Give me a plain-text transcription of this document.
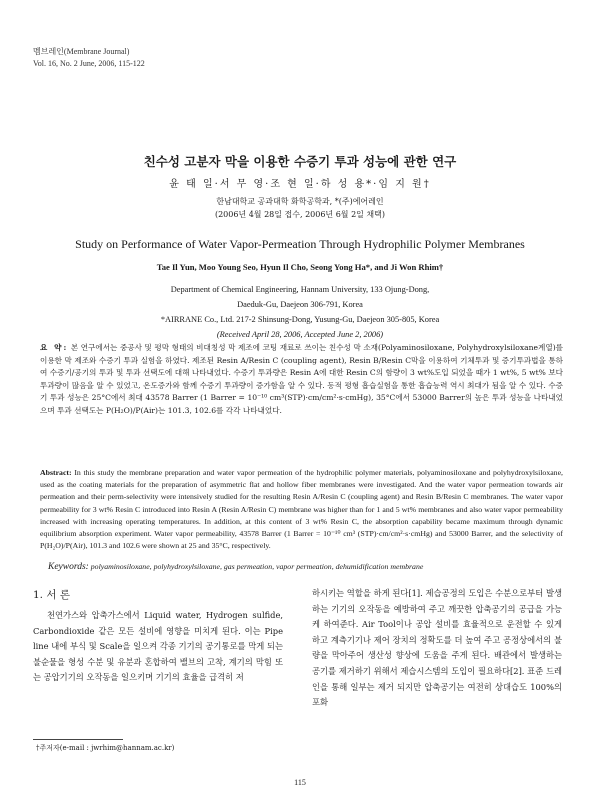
멤브레인(Membrane Journal)
Vol. 16, No. 2 June, 2006, 115-122
친수성 고분자 막을 이용한 수증기 투과 성능에 관한 연구
윤 태 일·서 무 영·조 현 일·하 성 용*·임 지 원†
한남대학교 공과대학 화학공학과, *(주)에어레인
(2006년 4월 28일 접수, 2006년 6월 2일 채택)
Study on Performance of Water Vapor-Permeation Through Hydrophilic Polymer Membranes
Tae Il Yun, Moo Young Seo, Hyun Il Cho, Seong Yong Ha*, and Ji Won Rhim†
Department of Chemical Engineering, Hannam University, 133 Ojung-Dong,
Daeduk-Gu, Daejeon 306-791, Korea
*AIRRANE Co., Ltd. 217-2 Shinsung-Dong, Yusung-Gu, Daejeon 305-805, Korea
(Received April 28, 2006, Accepted June 2, 2006)
요 약: 본 연구에서는 중공사 및 평막 형태의 비대칭성 막 제조에 코팅 재료로 쓰이는 친수성 막 소재(Polyaminosiloxane, Polyhydroxylsiloxane계열)를 이용한 막 제조와 수증기 투과 실험을 하였다. 제조된 Resin A/Resin C (coupling agent), Resin B/Resin C막을 이용하여 기체투과 및 증기투과법을 통하여 수증기/공기의 투과 및 투과 선택도에 대해 나타내었다. 수증기 투과량은 Resin A에 대한 Resin C의 함량이 3 wt%도입 되었을 때가 1 wt%, 5 wt% 보다 투과량이 많음을 알 수 있었고, 온도증가와 함께 수증기 투과량이 증가함을 알 수 있다. 동적 평형 흡습실험을 통한 흡습능력 역시 최대가 됨을 알 수 있다. 수증기 투과 성능은 25°C에서 최대 43578 Barrer (1 Barrer = 10⁻¹⁰ cm³(STP)·cm/cm²·s·cmHg), 35°C에서 53000 Barrer의 높은 투과 성능을 나타내었으며 투과 선택도는 P(H₂O)/P(Air)는 101.3, 102.6를 각각 나타내었다.
Abstract: In this study the membrane preparation and water vapor permeation of the hydrophilic polymer materials, polyaminosiloxane and polyhydroxylsiloxane, used as the coating materials for the preparation of asymmetric flat and hollow fiber membranes were investigated. And the water vapor permeation towards air permeation and their perm-selectivity were intensively studied for the resulting Resin A/Resin C (coupling agent) and Resin B/Resin C membranes. The water vapor permeability for 3 wt% Resin C introduced into Resin A (Resin A/Resin C) membrane was higher than for 1 and 5 wt% membranes and also water vapor permeability increased with increasing operating temperatures. In addition, at this content of 3 wt% Resin C, the absorption capability became maximum through dynamic equilibrium absorption experiment. Water vapor permeability, 43578 Barrer (1 Barrer = 10⁻¹⁰ cm³ (STP)·cm/cm²·s·cmHg) and 53000 Barrer, and the selectivity of P(H₂O)/P(Air), 101.3 and 102.6 were shown at 25 and 35°C, respectively.
Keywords: polyaminosiloxane, polyhydroxylsiloxane, gas permeation, vapor permeation, dehumidification membrane
1. 서 론

천연가스와 압축가스에서 Liquid water, Hydrogen sulfide, Carbondioxide 같은 모든 설비에 영향을 미치게 된다. 이는 Pipe line 내에 부식 및 Scale을 일으켜 각종 기기의 공기통로를 막게 되는 불순물을 형성 수분 및 유분과 혼합하여 밸브의 고착, 계기의 막힘 또는 공압기기의 오작동을 일으키며 기기의 효율을 급격히 저

하시키는 역할을 하게 된다[1]. 제습공정의 도입은 수분으로부터 발생하는 기기의 오작동을 예방하여 주고 깨끗한 압축공기의 공급을 가능케 하여준다. Air Tool이나 공압 설비를 효율적으로 운전할 수 있게 하고 계측기기나 제어 장치의 정확도를 더 높여 주고 공정상에서의 불량을 막아주어 생산성 향상에 도움을 주게 된다. 배관에서 발생하는 공기를 제거하기 위해서 제습시스템의 도입이 필요하다[2]. 표준 드레인을 통해 일부는 제거 되지만 압축공기는 여전히 상대습도 100%의 포화

†주저자(e-mail : jwrhim@hannam.ac.kr)
115
